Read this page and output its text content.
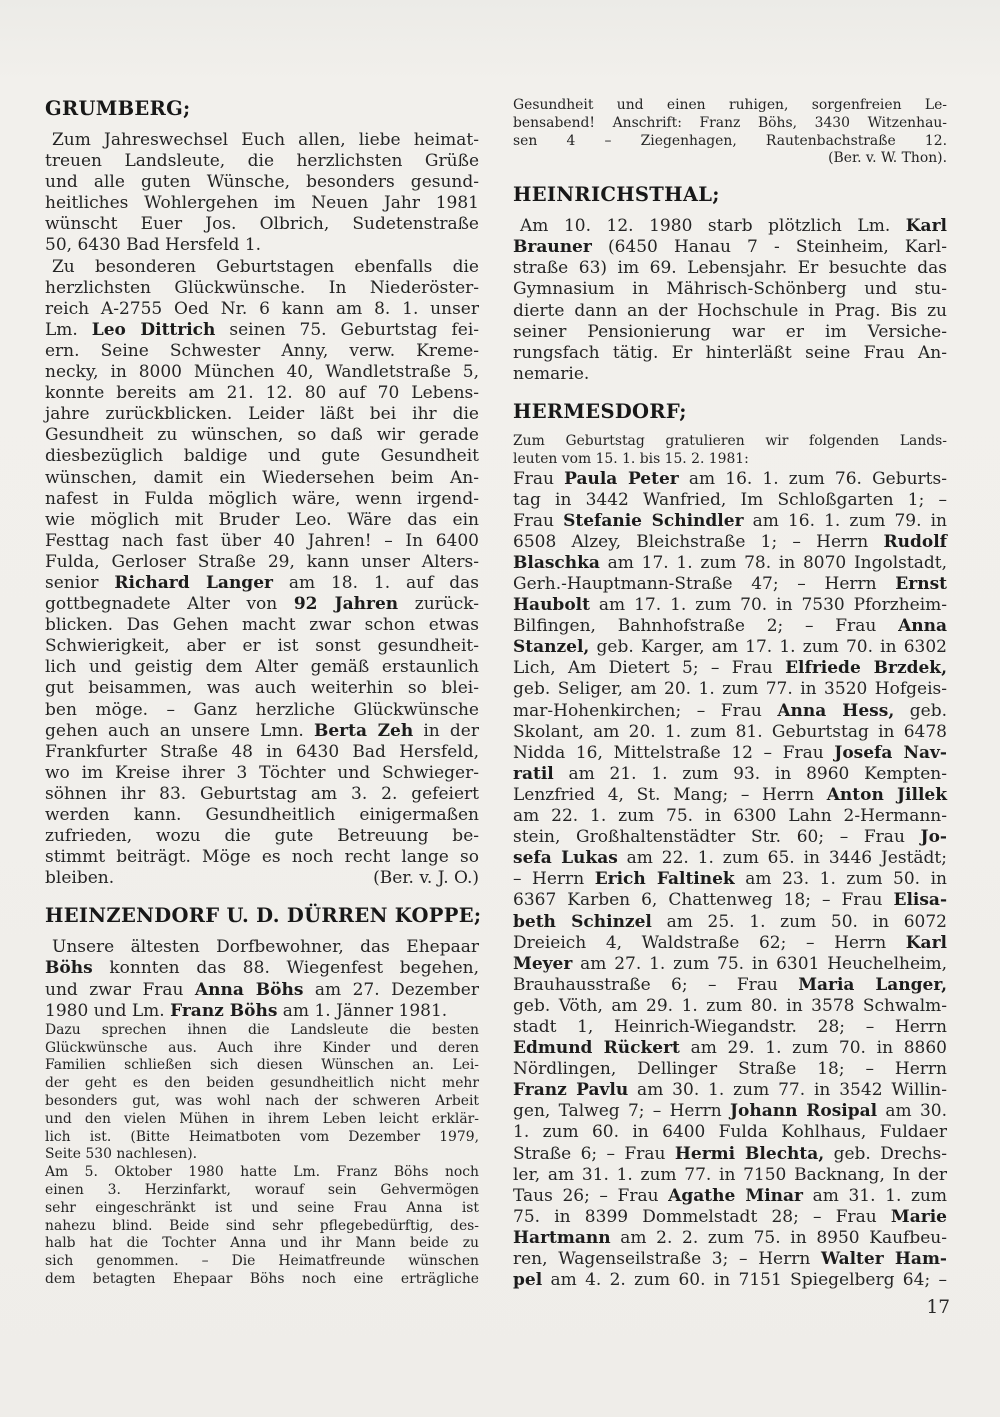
GRUMBERG;
Zum Jahreswechsel Euch allen, liebe heimat-
treuen Landsleute, die herzlichsten Grüße
und alle guten Wünsche, besonders gesund-
heitliches Wohlergehen im Neuen Jahr 1981
wünscht Euer Jos. Olbrich, Sudetenstraße
50, 6430 Bad Hersfeld 1.
Zu besonderen Geburtstagen ebenfalls die
herzlichsten Glückwünsche. In Niederöster-
reich A-2755 Oed Nr. 6 kann am 8. 1. unser
Lm. Leo Dittrich seinen 75. Geburtstag fei-
ern. Seine Schwester Anny, verw. Kreme-
necky, in 8000 München 40, Wandletstraße 5,
konnte bereits am 21. 12. 80 auf 70 Lebens-
jahre zurückblicken. Leider läßt bei ihr die
Gesundheit zu wünschen, so daß wir gerade
diesbezüglich baldige und gute Gesundheit
wünschen, damit ein Wiedersehen beim An-
nafest in Fulda möglich wäre, wenn irgend-
wie möglich mit Bruder Leo. Wäre das ein
Festtag nach fast über 40 Jahren! – In 6400
Fulda, Gerloser Straße 29, kann unser Alters-
senior Richard Langer am 18. 1. auf das
gottbegnadete Alter von 92 Jahren zurück-
blicken. Das Gehen macht zwar schon etwas
Schwierigkeit, aber er ist sonst gesundheit-
lich und geistig dem Alter gemäß erstaunlich
gut beisammen, was auch weiterhin so blei-
ben möge. – Ganz herzliche Glückwünsche
gehen auch an unsere Lmn. Berta Zeh in der
Frankfurter Straße 48 in 6430 Bad Hersfeld,
wo im Kreise ihrer 3 Töchter und Schwieger-
söhnen ihr 83. Geburtstag am 3. 2. gefeiert
werden kann. Gesundheitlich einigermaßen
zufrieden, wozu die gute Betreuung be-
stimmt beiträgt. Möge es noch recht lange so
bleiben.	(Ber. v. J. O.)
HEINZENDORF U. D. DÜRREN KOPPE;
Unsere ältesten Dorfbewohner, das Ehepaar
Böhs konnten das 88. Wiegenfest begehen,
und zwar Frau Anna Böhs am 27. Dezember
1980 und Lm. Franz Böhs am 1. Jänner 1981.
Dazu sprechen ihnen die Landsleute die besten
Glückwünsche aus. Auch ihre Kinder und deren
Familien schließen sich diesen Wünschen an. Lei-
der geht es den beiden gesundheitlich nicht mehr
besonders gut, was wohl nach der schweren Arbeit
und den vielen Mühen in ihrem Leben leicht erklär-
lich ist. (Bitte Heimatboten vom Dezember 1979,
Seite 530 nachlesen).
Am 5. Oktober 1980 hatte Lm. Franz Böhs noch
einen 3. Herzinfarkt, worauf sein Gehvermögen
sehr eingeschränkt ist und seine Frau Anna ist
nahezu blind. Beide sind sehr pflegebedürftig, des-
halb hat die Tochter Anna und ihr Mann beide zu
sich genommen. – Die Heimatfreunde wünschen
dem betagten Ehepaar Böhs noch eine erträgliche
Gesundheit und einen ruhigen, sorgenfreien Le-
bensabend! Anschrift: Franz Böhs, 3430 Witzenhau-
sen 4 – Ziegenhagen, Rautenbachstraße 12.
(Ber. v. W. Thon).
HEINRICHSTHAL;
Am 10. 12. 1980 starb plötzlich Lm. Karl
Brauner (6450 Hanau 7 - Steinheim, Karl-
straße 63) im 69. Lebensjahr. Er besuchte das
Gymnasium in Mährisch-Schönberg und stu-
dierte dann an der Hochschule in Prag. Bis zu
seiner Pensionierung war er im Versiche-
rungsfach tätig. Er hinterläßt seine Frau An-
nemarie.
HERMESDORF;
Zum Geburtstag gratulieren wir folgenden Lands-
leuten vom 15. 1. bis 15. 2. 1981:
Frau Paula Peter am 16. 1. zum 76. Geburts-
tag in 3442 Wanfried, Im Schloßgarten 1; –
Frau Stefanie Schindler am 16. 1. zum 79. in
6508 Alzey, Bleichstraße 1; – Herrn Rudolf
Blaschka am 17. 1. zum 78. in 8070 Ingolstadt,
Gerh.-Hauptmann-Straße 47; – Herrn Ernst
Haubolt am 17. 1. zum 70. in 7530 Pforzheim-
Bilfingen, Bahnhofstraße 2; – Frau Anna
Stanzel, geb. Karger, am 17. 1. zum 70. in 6302
Lich, Am Dietert 5; – Frau Elfriede Brzdek,
geb. Seliger, am 20. 1. zum 77. in 3520 Hofgeis-
mar-Hohenkirchen; – Frau Anna Hess, geb.
Skolant, am 20. 1. zum 81. Geburtstag in 6478
Nidda 16, Mittelstraße 12 – Frau Josefa Nav-
ratil am 21. 1. zum 93. in 8960 Kempten-
Lenzfried 4, St. Mang; – Herrn Anton Jillek
am 22. 1. zum 75. in 6300 Lahn 2-Hermann-
stein, Großhaltenstädter Str. 60; – Frau Jo-
sefa Lukas am 22. 1. zum 65. in 3446 Jestädt;
– Herrn Erich Faltinek am 23. 1. zum 50. in
6367 Karben 6, Chattenweg 18; – Frau Elisa-
beth Schinzel am 25. 1. zum 50. in 6072
Dreieich 4, Waldstraße 62; – Herrn Karl
Meyer am 27. 1. zum 75. in 6301 Heuchelheim,
Brauhausstraße 6; – Frau Maria Langer,
geb. Vöth, am 29. 1. zum 80. in 3578 Schwalm-
stadt 1, Heinrich-Wiegandstr. 28; – Herrn
Edmund Rückert am 29. 1. zum 70. in 8860
Nördlingen, Dellinger Straße 18; – Herrn
Franz Pavlu am 30. 1. zum 77. in 3542 Willin-
gen, Talweg 7; – Herrn Johann Rosipal am 30.
1. zum 60. in 6400 Fulda Kohlhaus, Fuldaer
Straße 6; – Frau Hermi Blechta, geb. Drechs-
ler, am 31. 1. zum 77. in 7150 Backnang, In der
Taus 26; – Frau Agathe Minar am 31. 1. zum
75. in 8399 Dommelstadt 28; – Frau Marie
Hartmann am 2. 2. zum 75. in 8950 Kaufbeu-
ren, Wagenseilstraße 3; – Herrn Walter Ham-
pel am 4. 2. zum 60. in 7151 Spiegelberg 64; –
17
